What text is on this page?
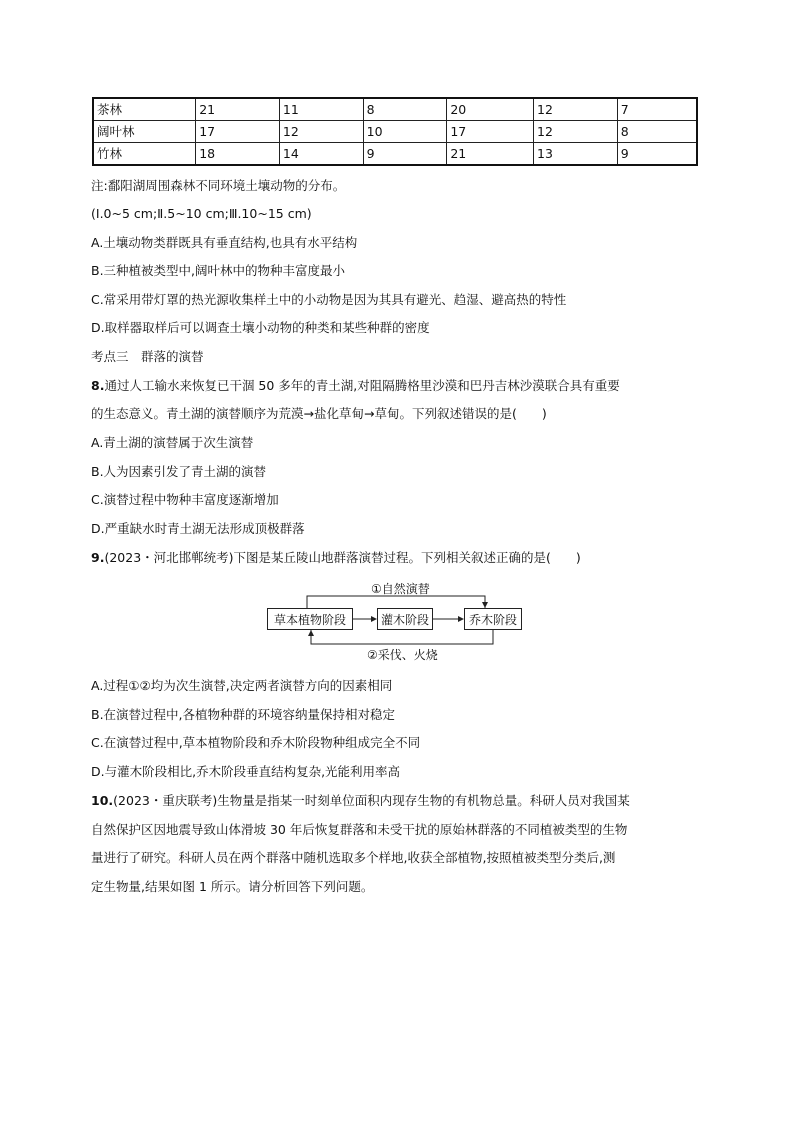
茶林	21	11	8	20	12	7
阔叶林	17	12	10	17	12	8
竹林	18	14	9	21	13	9
注:鄱阳湖周围森林不同环境土壤动物的分布。
(Ⅰ.0~5 cm;Ⅱ.5~10 cm;Ⅲ.10~15 cm)
A.土壤动物类群既具有垂直结构,也具有水平结构
B.三种植被类型中,阔叶林中的物种丰富度最小
C.常采用带灯罩的热光源收集样土中的小动物是因为其具有避光、趋湿、避高热的特性
D.取样器取样后可以调查土壤小动物的种类和某些种群的密度
考点三　群落的演替
8.通过人工输水来恢复已干涸 50 多年的青土湖,对阻隔腾格里沙漠和巴丹吉林沙漠联合具有重要
的生态意义。青土湖的演替顺序为荒漠→盐化草甸→草甸。下列叙述错误的是(　　)
A.青土湖的演替属于次生演替
B.人为因素引发了青土湖的演替
C.演替过程中物种丰富度逐渐增加
D.严重缺水时青土湖无法形成顶极群落
9.(2023・河北邯郸统考)下图是某丘陵山地群落演替过程。下列相关叙述正确的是(　　)
①自然演替
草本植物阶段	灌木阶段	乔木阶段
②采伐、火烧
A.过程①②均为次生演替,决定两者演替方向的因素相同
B.在演替过程中,各植物种群的环境容纳量保持相对稳定
C.在演替过程中,草本植物阶段和乔木阶段物种组成完全不同
D.与灌木阶段相比,乔木阶段垂直结构复杂,光能利用率高
10.(2023・重庆联考)生物量是指某一时刻单位面积内现存生物的有机物总量。科研人员对我国某
自然保护区因地震导致山体滑坡 30 年后恢复群落和未受干扰的原始林群落的不同植被类型的生物
量进行了研究。科研人员在两个群落中随机选取多个样地,收获全部植物,按照植被类型分类后,测
定生物量,结果如图 1 所示。请分析回答下列问题。
